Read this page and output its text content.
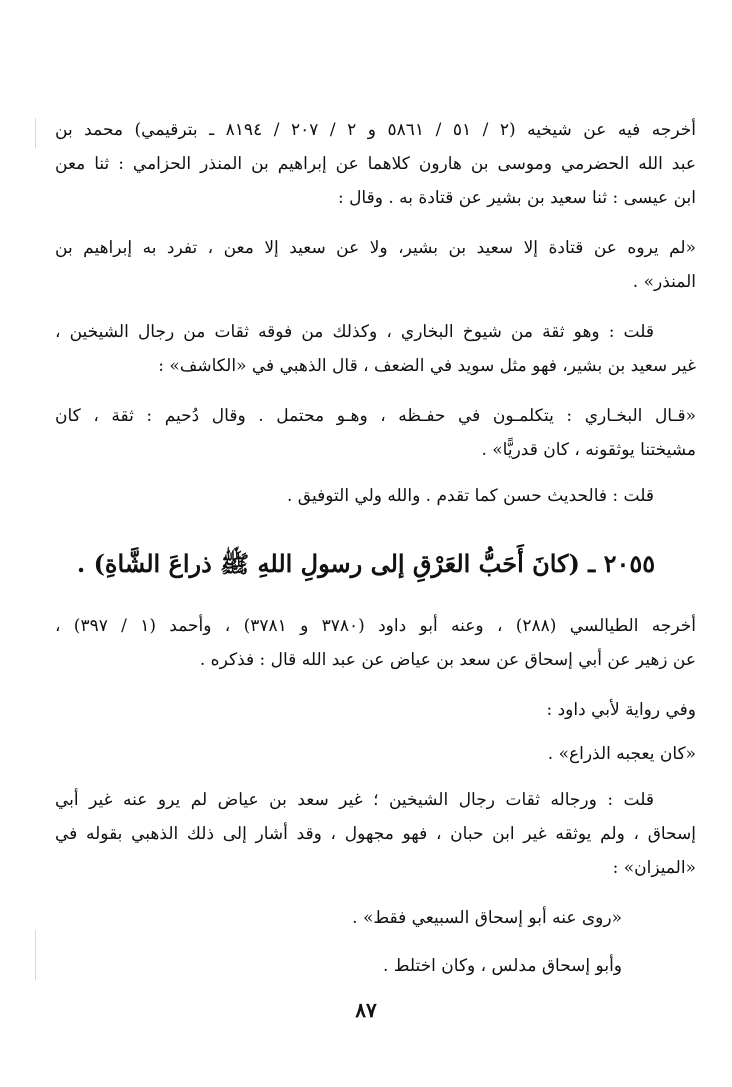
أخرجه فيه عن شيخيه (٢ / ٥١ / ٥٨٦١ و ٢ / ٢٠٧ / ٨١٩٤ ـ بترقيمي) محمد بن
عبد الله الحضرمي وموسى بن هارون كلاهما عن إبراهيم بن المنذر الحزامي : ثنا معن
ابن عيسى : ثنا سعيد بن بشير عن قتادة به . وقال :
«لم يروه عن قتادة إلا سعيد بن بشير، ولا عن سعيد إلا معن ، تفرد به إبراهيم بن
المنذر» .
قلت : وهو ثقة من شيوخ البخاري ، وكذلك من فوقه ثقات من رجال الشيخين ،
غير سعيد بن بشير، فهو مثل سويد في الضعف ، قال الذهبي في «الكاشف» :
«قـال البخـاري : يتكلمـون في حفـظه ، وهـو محتمل . وقال دُحيم : ثقة ، كان
مشيختنا يوثقونه ، كان قدريًّا» .
قلت : فالحديث حسن كما تقدم . والله ولي التوفيق .
٢٠٥٥ ـ (كانَ أَحَبُّ العَرْقِ إلى رسولِ اللهِ ﷺ ذراعَ الشَّاةِ) .
أخرجه الطيالسي (٢٨٨) ، وعنه أبو داود (٣٧٨٠ و ٣٧٨١) ، وأحمد (١ / ٣٩٧) ،
عن زهير عن أبي إسحاق عن سعد بن عياض عن عبد الله قال : فذكره .
وفي رواية لأبي داود :
«كان يعجبه الذراع» .
قلت : ورجاله ثقات رجال الشيخين ؛ غير سعد بن عياض لم يرو عنه غير أبي
إسحاق ، ولم يوثقه غير ابن حبان ، فهو مجهول ، وقد أشار إلى ذلك الذهبي بقوله في
«الميزان» :
«روى عنه أبو إسحاق السبيعي فقط» .
وأبو إسحاق مدلس ، وكان اختلط .
٨٧
